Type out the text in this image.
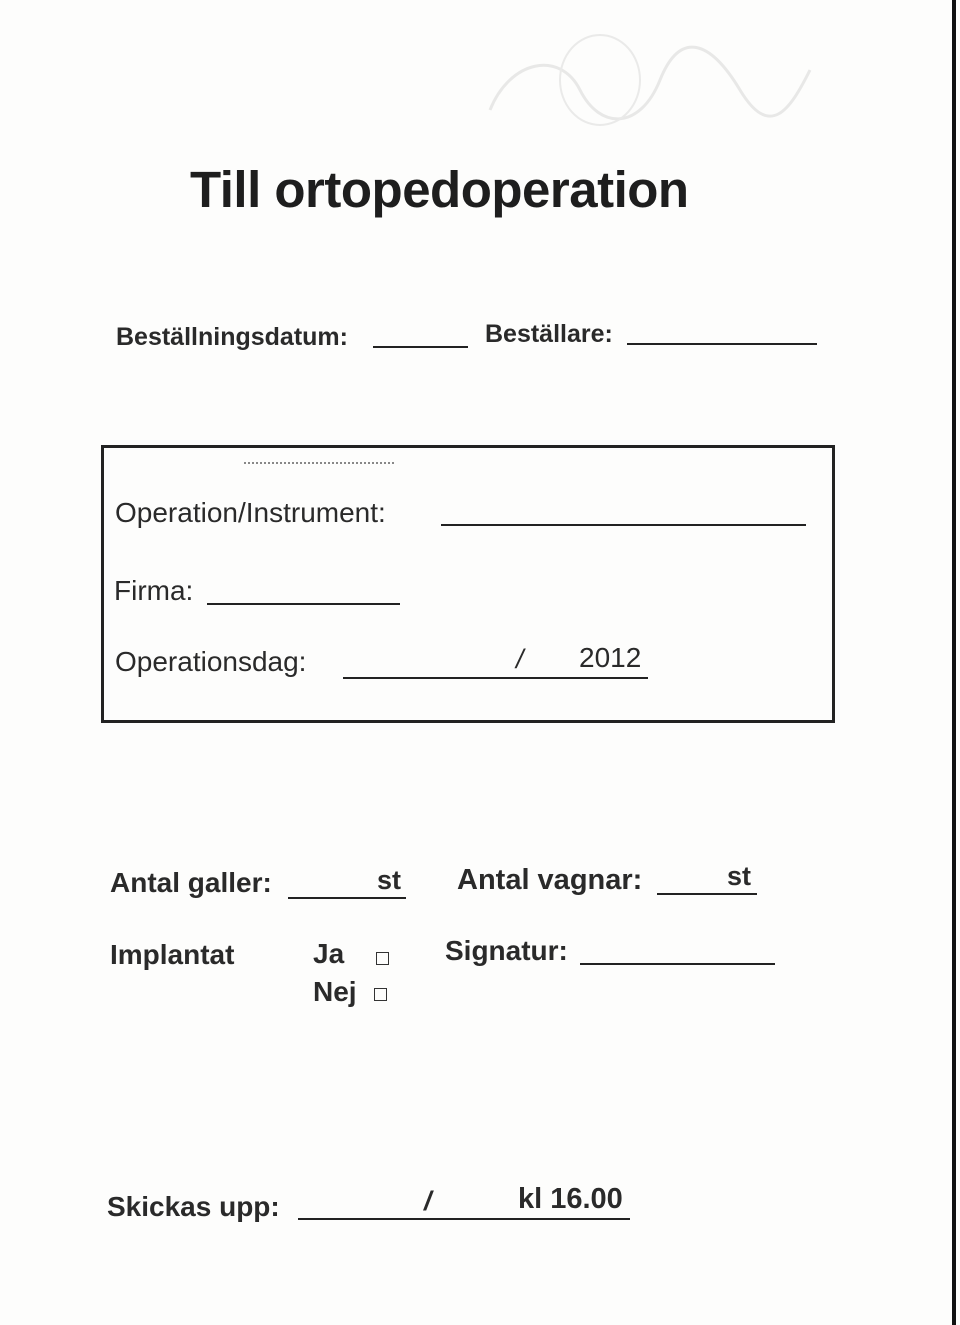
Till ortopedoperation
Beställningsdatum:	Beställare:
Operation/Instrument:
Firma:
Operationsdag:	/ 2012
Antal galler:	st Antal vagnar:	st
Implantat	Ja
Nej
Signatur:
Skickas upp:	/	kl 16.00
